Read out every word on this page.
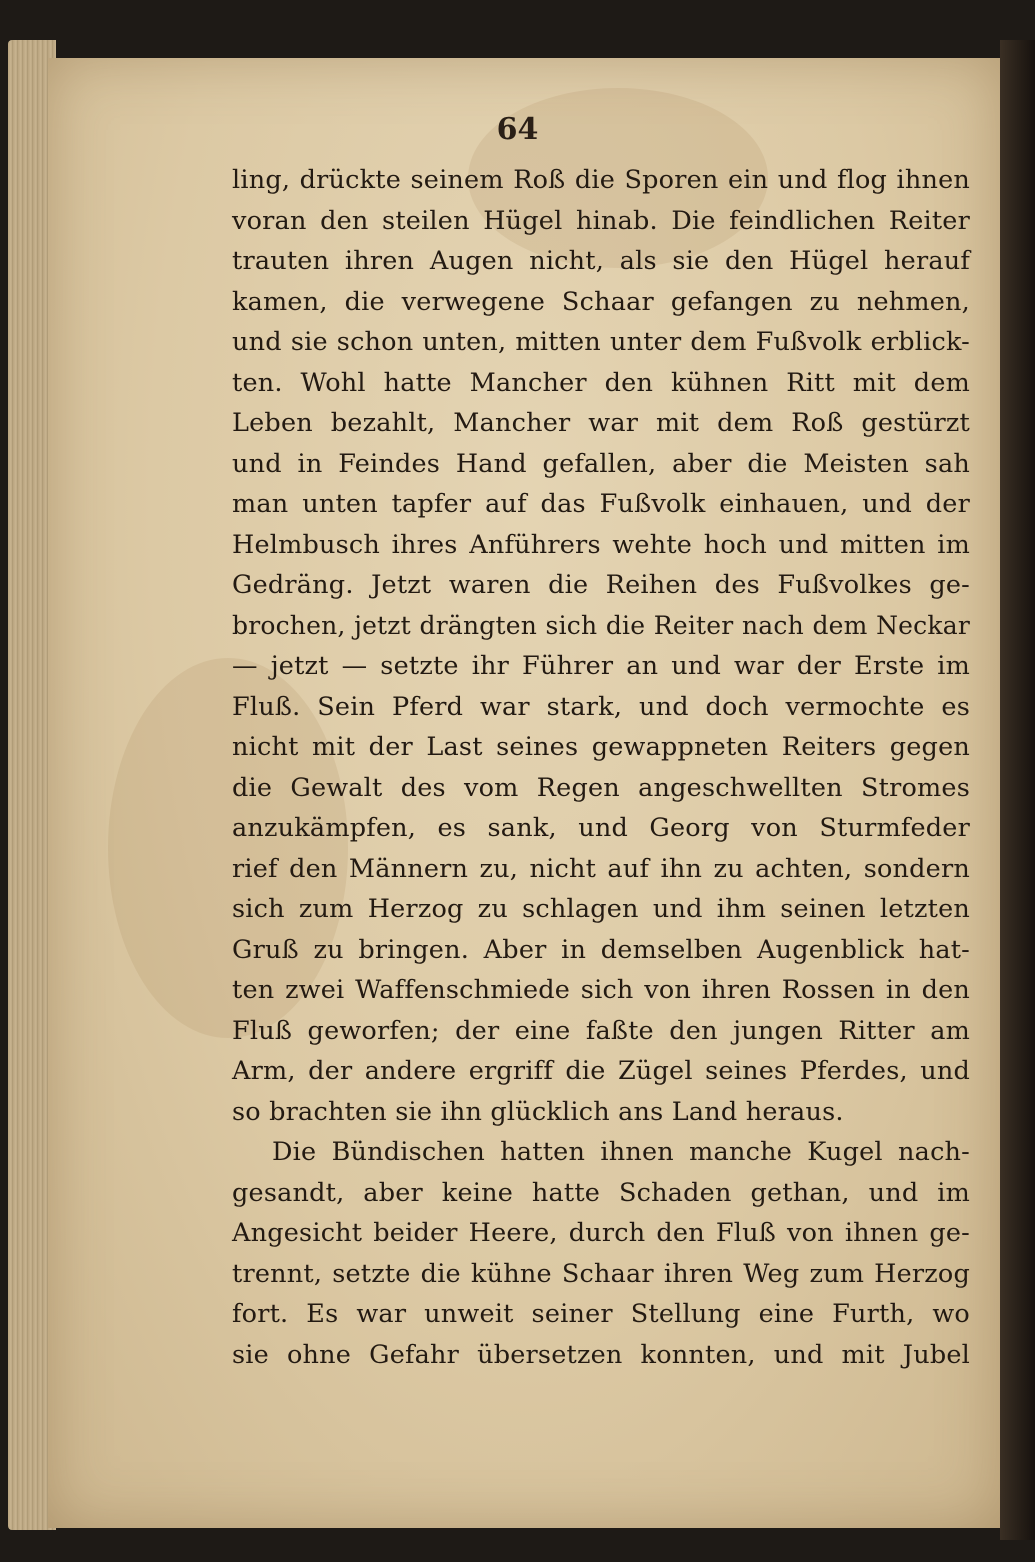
64
ling, drückte seinem Roß die Sporen ein und flog ihnen
voran den steilen Hügel hinab. Die feindlichen Reiter
trauten ihren Augen nicht, als sie den Hügel herauf
kamen, die verwegene Schaar gefangen zu nehmen,
und sie schon unten, mitten unter dem Fußvolk erblick-
ten. Wohl hatte Mancher den kühnen Ritt mit dem
Leben bezahlt, Mancher war mit dem Roß gestürzt
und in Feindes Hand gefallen, aber die Meisten sah
man unten tapfer auf das Fußvolk einhauen, und der
Helmbusch ihres Anführers wehte hoch und mitten im
Gedräng. Jetzt waren die Reihen des Fußvolkes ge-
brochen, jetzt drängten sich die Reiter nach dem Neckar
— jetzt — setzte ihr Führer an und war der Erste im
Fluß. Sein Pferd war stark, und doch vermochte es
nicht mit der Last seines gewappneten Reiters gegen
die Gewalt des vom Regen angeschwellten Stromes
anzukämpfen, es sank, und Georg von Sturmfeder
rief den Männern zu, nicht auf ihn zu achten, sondern
sich zum Herzog zu schlagen und ihm seinen letzten
Gruß zu bringen. Aber in demselben Augenblick hat-
ten zwei Waffenschmiede sich von ihren Rossen in den
Fluß geworfen; der eine faßte den jungen Ritter am
Arm, der andere ergriff die Zügel seines Pferdes, und
so brachten sie ihn glücklich ans Land heraus.
Die Bündischen hatten ihnen manche Kugel nach-
gesandt, aber keine hatte Schaden gethan, und im
Angesicht beider Heere, durch den Fluß von ihnen ge-
trennt, setzte die kühne Schaar ihren Weg zum Herzog
fort. Es war unweit seiner Stellung eine Furth, wo
sie ohne Gefahr übersetzen konnten, und mit Jubel
